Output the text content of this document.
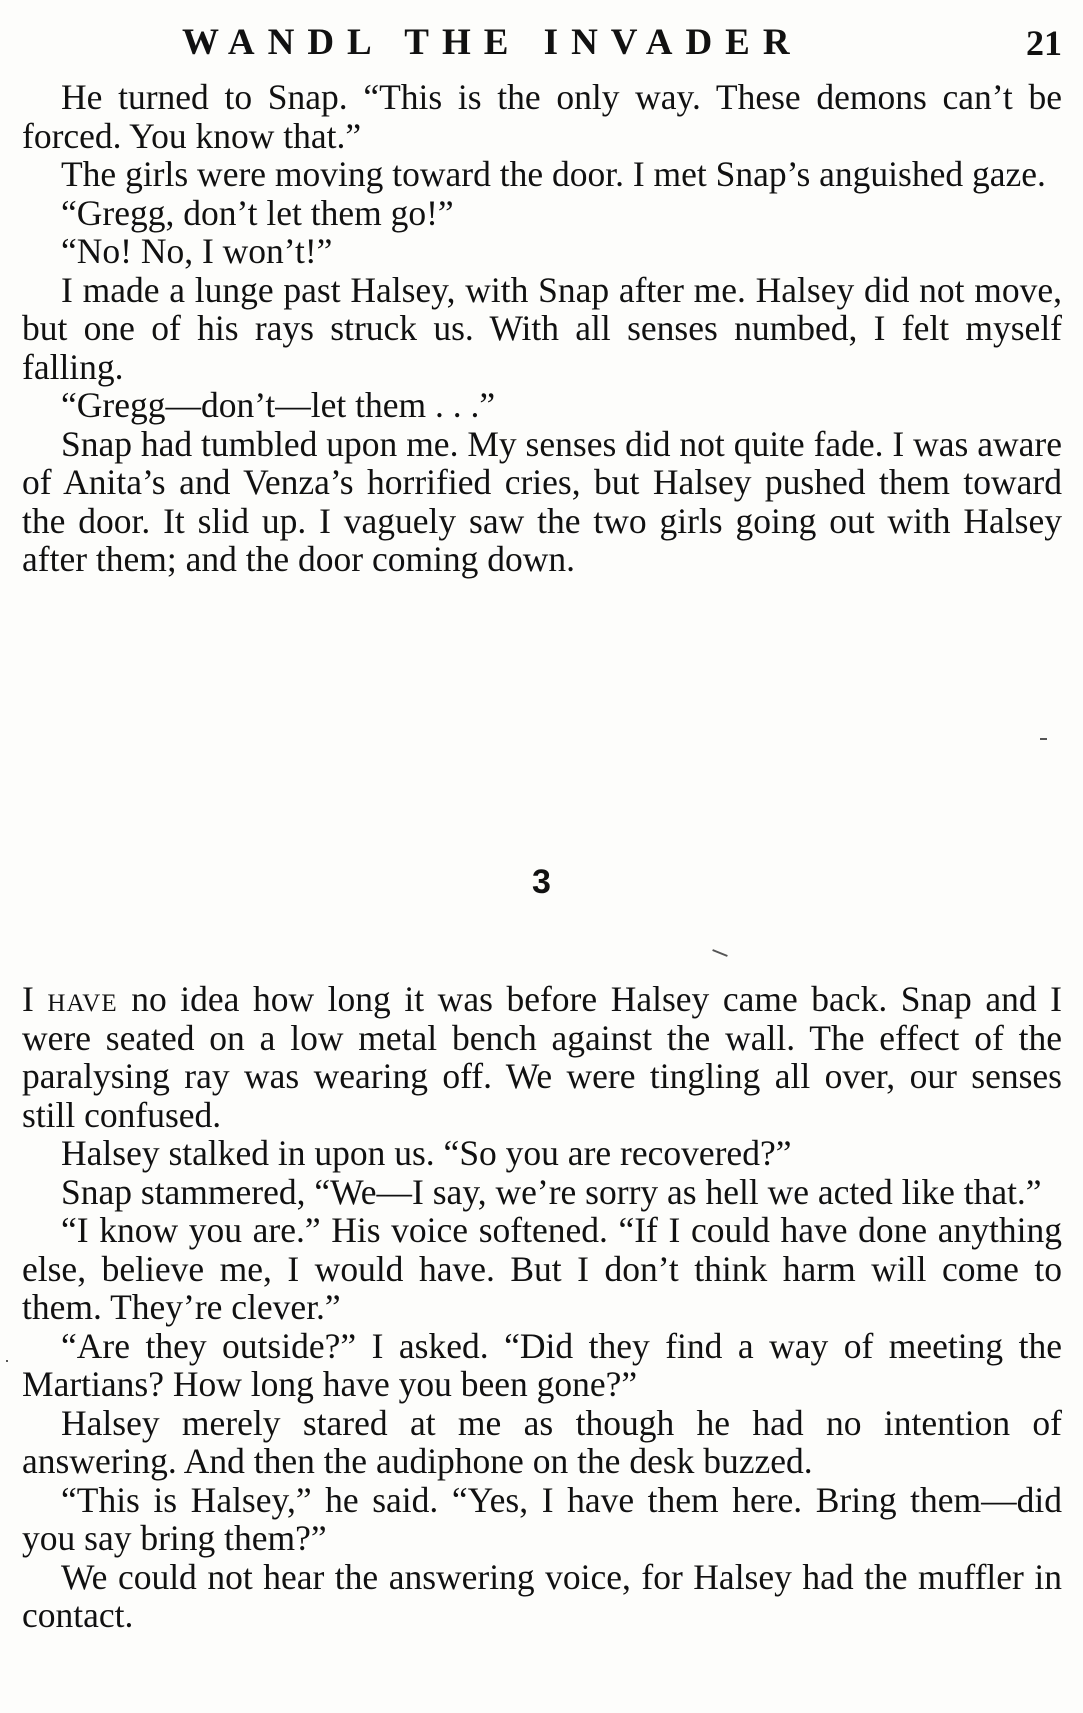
WANDL THE INVADER	21

He turned to Snap. “This is the only way. These demons can’t be forced. You know that.”

The girls were moving toward the door. I met Snap’s anguished gaze.

“Gregg, don’t let them go!”

“No! No, I won’t!”

I made a lunge past Halsey, with Snap after me. Halsey did not move, but one of his rays struck us. With all senses numbed, I felt myself falling.

“Gregg—don’t—let them . . .”

Snap had tumbled upon me. My senses did not quite fade. I was aware of Anita’s and Venza’s horrified cries, but Halsey pushed them toward the door. It slid up. I vaguely saw the two girls going out with Halsey after them; and the door coming down.

3

I have no idea how long it was before Halsey came back. Snap and I were seated on a low metal bench against the wall. The effect of the paralysing ray was wearing off. We were tingling all over, our senses still confused.

Halsey stalked in upon us. “So you are recovered?”

Snap stammered, “We—I say, we’re sorry as hell we acted like that.”

“I know you are.” His voice softened. “If I could have done anything else, believe me, I would have. But I don’t think harm will come to them. They’re clever.”

“Are they outside?” I asked. “Did they find a way of meeting the Martians? How long have you been gone?”

Halsey merely stared at me as though he had no intention of answering. And then the audiphone on the desk buzzed.

“This is Halsey,” he said. “Yes, I have them here. Bring them—did you say bring them?”

We could not hear the answering voice, for Halsey had the muffler in contact.
